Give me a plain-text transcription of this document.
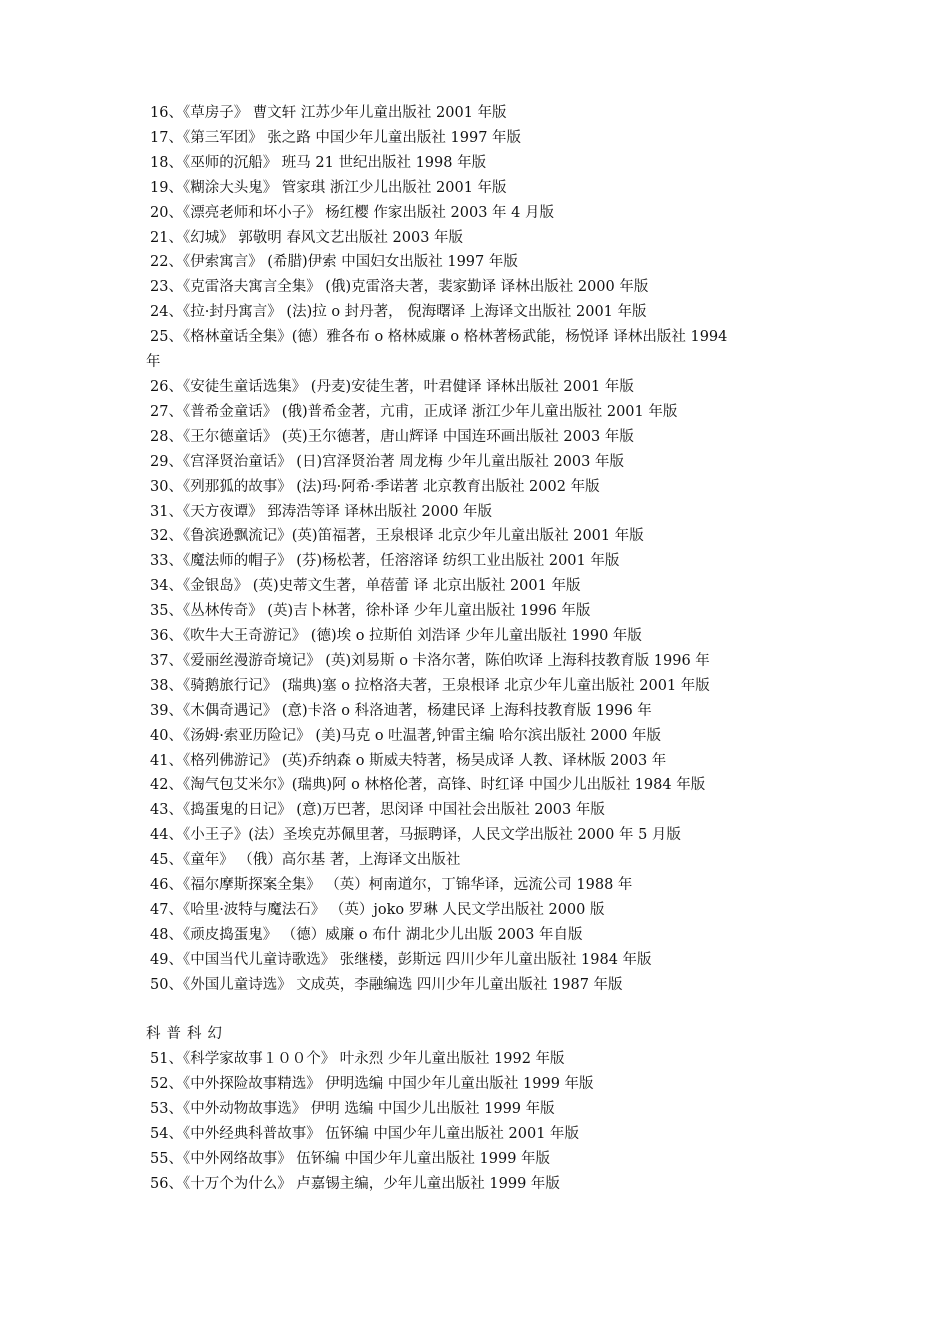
16、《草房子》 曹文轩 江苏少年儿童出版社 2001 年版
17、《第三军团》 张之路 中国少年儿童出版社 1997 年版
18、《巫师的沉船》 班马 21 世纪出版社 1998 年版
19、《糊涂大头鬼》 管家琪 浙江少儿出版社 2001 年版
20、《漂亮老师和坏小子》 杨红樱 作家出版社 2003 年 4 月版
21、《幻城》 郭敬明 春风文艺出版社 2003 年版
22、《伊索寓言》 (希腊)伊索 中国妇女出版社 1997 年版
23、《克雷洛夫寓言全集》 (俄)克雷洛夫著，裴家勤译 译林出版社 2000 年版
24、《拉·封丹寓言》 (法)拉 o 封丹著， 倪海曙译 上海译文出版社 2001 年版
25、《格林童话全集》(德）雅各布 o 格林威廉 o 格林著杨武能，杨悦译 译林出版社 1994
年
26、《安徒生童话选集》 (丹麦)安徒生著，叶君健译 译林出版社 2001 年版
27、《普希金童话》 (俄)普希金著，亢甫，正成译 浙江少年儿童出版社 2001 年版
28、《王尔德童话》 (英)王尔德著，唐山辉译 中国连环画出版社 2003 年版
29、《宫泽贤治童话》 (日)宫泽贤治著 周龙梅 少年儿童出版社 2003 年版
30、《列那狐的故事》 (法)玛·阿希·季诺著 北京教育出版社 2002 年版
31、《天方夜谭》 郅涛浩等译 译林出版社 2000 年版
32、《鲁滨逊飘流记》(英)笛福著，王泉根译 北京少年儿童出版社 2001 年版
33、《魔法师的帽子》 (芬)杨松著，任溶溶译 纺织工业出版社 2001 年版
34、《金银岛》 (英)史蒂文生著，单蓓蕾 译 北京出版社 2001 年版
35、《丛林传奇》 (英)吉卜林著，徐朴译 少年儿童出版社 1996 年版
36、《吹牛大王奇游记》 (德)埃 o 拉斯伯 刘浩译 少年儿童出版社 1990 年版
37、《爱丽丝漫游奇境记》 (英)刘易斯 o 卡洛尔著，陈伯吹译 上海科技教育版 1996 年
38、《骑鹅旅行记》 (瑞典)塞 o 拉格洛夫著，王泉根译 北京少年儿童出版社 2001 年版
39、《木偶奇遇记》 (意)卡洛 o 科洛迪著，杨建民译 上海科技教育版 1996 年
40、《汤姆·索亚历险记》 (美)马克 o 吐温著,钟雷主编 哈尔滨出版社 2000 年版
41、《格列佛游记》 (英)乔纳森 o 斯威夫特著，杨吴成译 人教、译林版 2003 年
42、《淘气包艾米尔》(瑞典)阿 o 林格伦著，高锋、时红译 中国少儿出版社 1984 年版
43、《捣蛋鬼的日记》 (意)万巴著，思闵译 中国社会出版社 2003 年版
44、《小王子》(法）圣埃克苏佩里著，马振聘译，人民文学出版社 2000 年 5 月版
45、《童年》 （俄）高尔基 著，上海译文出版社
46、《福尔摩斯探案全集》 （英）柯南道尔，丁锦华译，远流公司 1988 年
47、《哈里·波特与魔法石》 （英）joko 罗琳 人民文学出版社 2000 版
48、《顽皮捣蛋鬼》 （德）威廉 o 布什 湖北少儿出版 2003 年自版
49、《中国当代儿童诗歌选》 张继楼，彭斯远 四川少年儿童出版社 1984 年版
50、《外国儿童诗选》 文成英，李融编选 四川少年儿童出版社 1987 年版
科普科幻
51、《科学家故事１００个》 叶永烈 少年儿童出版社 1992 年版
52、《中外探险故事精选》 伊明选编 中国少年儿童出版社 1999 年版
53、《中外动物故事选》 伊明 选编 中国少儿出版社 1999 年版
54、《中外经典科普故事》 伍钚编 中国少年儿童出版社 2001 年版
55、《中外网络故事》 伍钚编 中国少年儿童出版社 1999 年版
56、《十万个为什么》 卢嘉锡主编，少年儿童出版社 1999 年版
